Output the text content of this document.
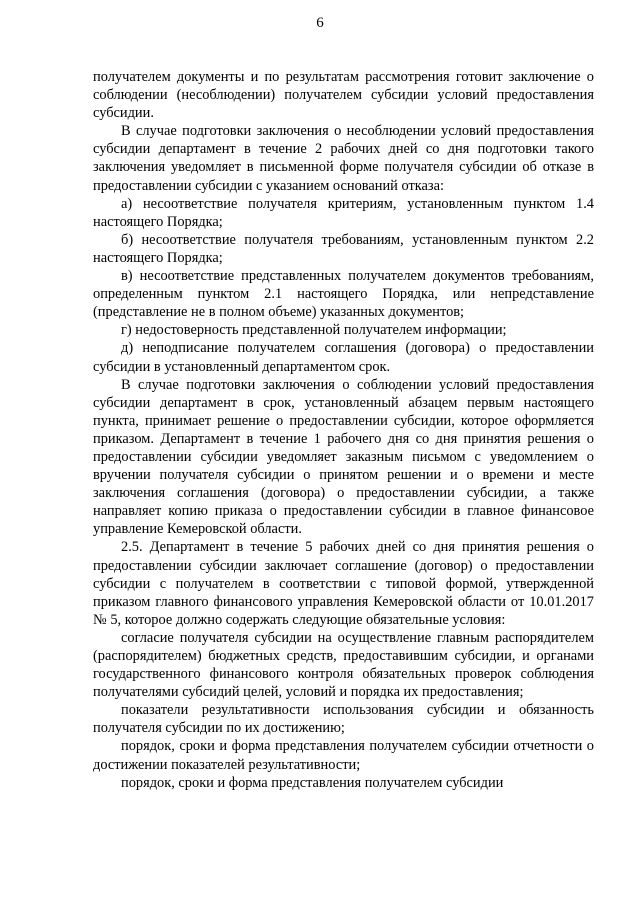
6

получателем документы и по результатам рассмотрения готовит заключение о соблюдении (несоблюдении) получателем субсидии условий предоставления субсидии.

В случае подготовки заключения о несоблюдении условий предоставления субсидии департамент в течение 2 рабочих дней со дня подготовки такого заключения уведомляет в письменной форме получателя субсидии об отказе в предоставлении субсидии с указанием оснований отказа:

а) несоответствие получателя критериям, установленным пунктом 1.4 настоящего Порядка;

б) несоответствие получателя требованиям, установленным пунктом 2.2 настоящего Порядка;

в) несоответствие представленных получателем документов требованиям, определенным пунктом 2.1 настоящего Порядка, или непредставление (представление не в полном объеме) указанных документов;

г) недостоверность представленной получателем информации;

д) неподписание получателем соглашения (договора) о предоставлении субсидии в установленный департаментом срок.

В случае подготовки заключения о соблюдении условий предоставления субсидии департамент в срок, установленный абзацем первым настоящего пункта, принимает решение о предоставлении субсидии, которое оформляется приказом. Департамент в течение 1 рабочего дня со дня принятия решения о предоставлении субсидии уведомляет заказным письмом с уведомлением о вручении получателя субсидии о принятом решении и о времени и месте заключения соглашения (договора) о предоставлении субсидии, а также направляет копию приказа о предоставлении субсидии в главное финансовое управление Кемеровской области.

2.5. Департамент в течение 5 рабочих дней со дня принятия решения о предоставлении субсидии заключает соглашение (договор) о предоставлении субсидии с получателем в соответствии с типовой формой, утвержденной приказом главного финансового управления Кемеровской области от 10.01.2017 № 5, которое должно содержать следующие обязательные условия:

согласие получателя субсидии на осуществление главным распорядителем (распорядителем) бюджетных средств, предоставившим субсидии, и органами государственного финансового контроля обязательных проверок соблюдения получателями субсидий целей, условий и порядка их предоставления;

показатели результативности использования субсидии и обязанность получателя субсидии по их достижению;

порядок, сроки и форма представления получателем субсидии отчетности о достижении показателей результативности;

порядок, сроки и форма представления получателем субсидии
